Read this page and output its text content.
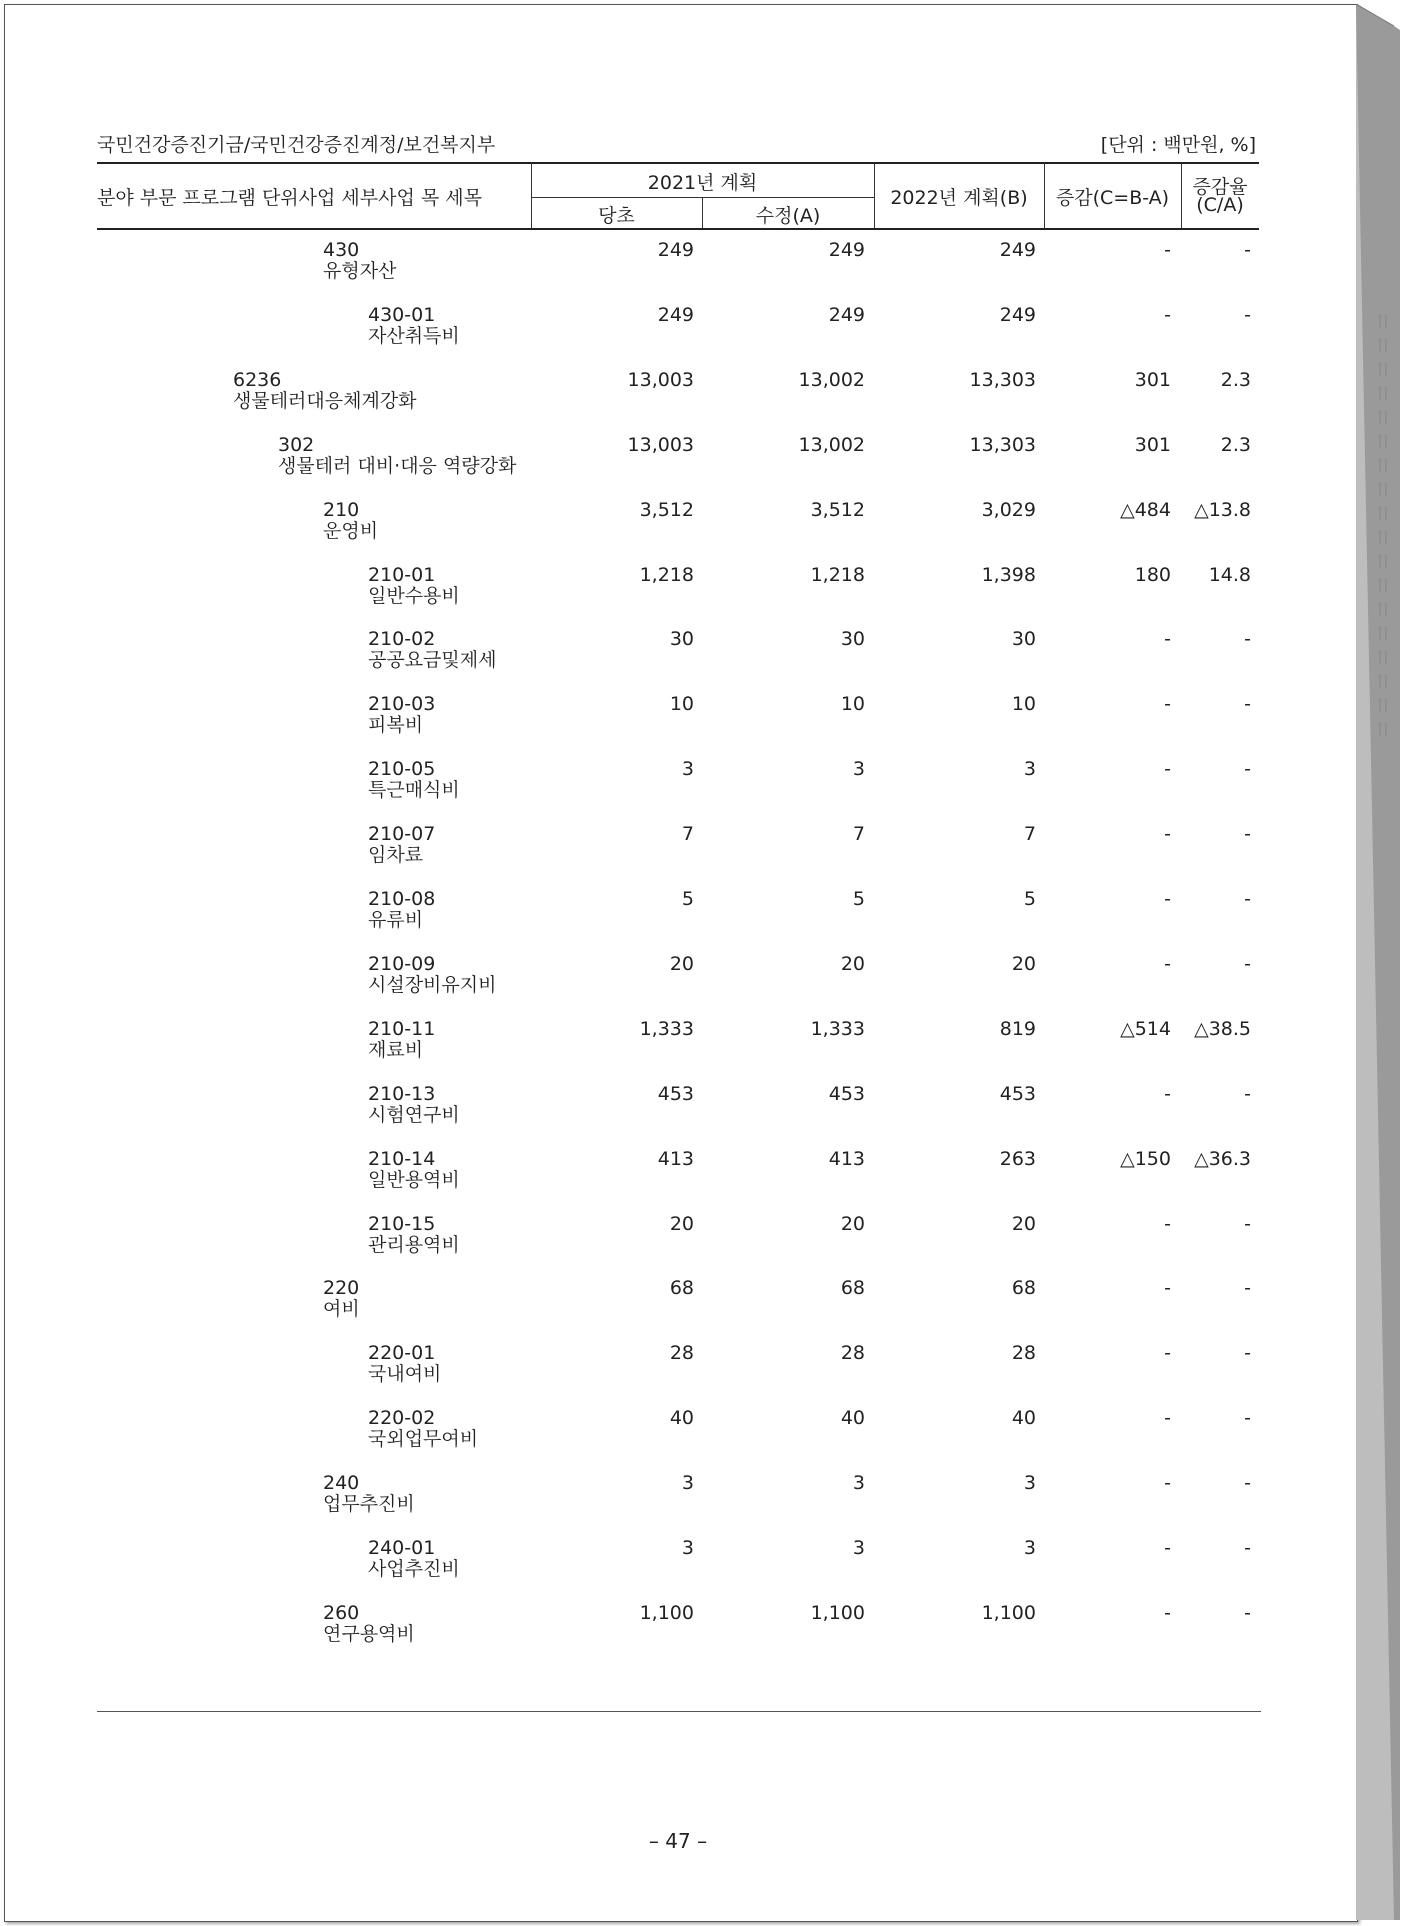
국민건강증진기금/국민건강증진계정/보건복지부	[단위 : 백만원, %]
분야 부문 프로그램 단위사업 세부사업 목 세목
2021년 계획
당초	수정(A)
2022년 계획(B)	증감(C=B-A)	증감율
(C/A)
430
유형자산
249	249	249	-	-
430-01
자산취득비
249	249	249	-	-
6236
생물테러대응체계강화
13,003	13,002	13,303	301	2.3
302
생물테러 대비·대응 역량강화
13,003	13,002	13,303	301	2.3
210
운영비
3,512	3,512	3,029	△484 △13.8
210-01
일반수용비
1,218	1,218	1,398	180 14.8
210-02
공공요금및제세
30	30	30	-	-
210-03
피복비
10	10	10	-	-
210-05
특근매식비
3	3	3	-	-
210-07
임차료
7	7	7	-	-
210-08
유류비
5	5	5	-	-
210-09
시설장비유지비
20	20	20	-	-
210-11
재료비
1,333	1,333	819	△514 △38.5
210-13
시험연구비
453	453	453	-	-
210-14
일반용역비
413	413	263	△150 △36.3
210-15
관리용역비
20	20	20	-	-
220
여비
68	68	68	-	-
220-01
국내여비
28	28	28	-	-
220-02
국외업무여비
40	40	40	-	-
240
업무추진비
3	3	3	-	-
240-01
사업추진비
3	3	3	-	-
260
연구용역비
1,100	1,100	1,100	-	-
– 47 –
